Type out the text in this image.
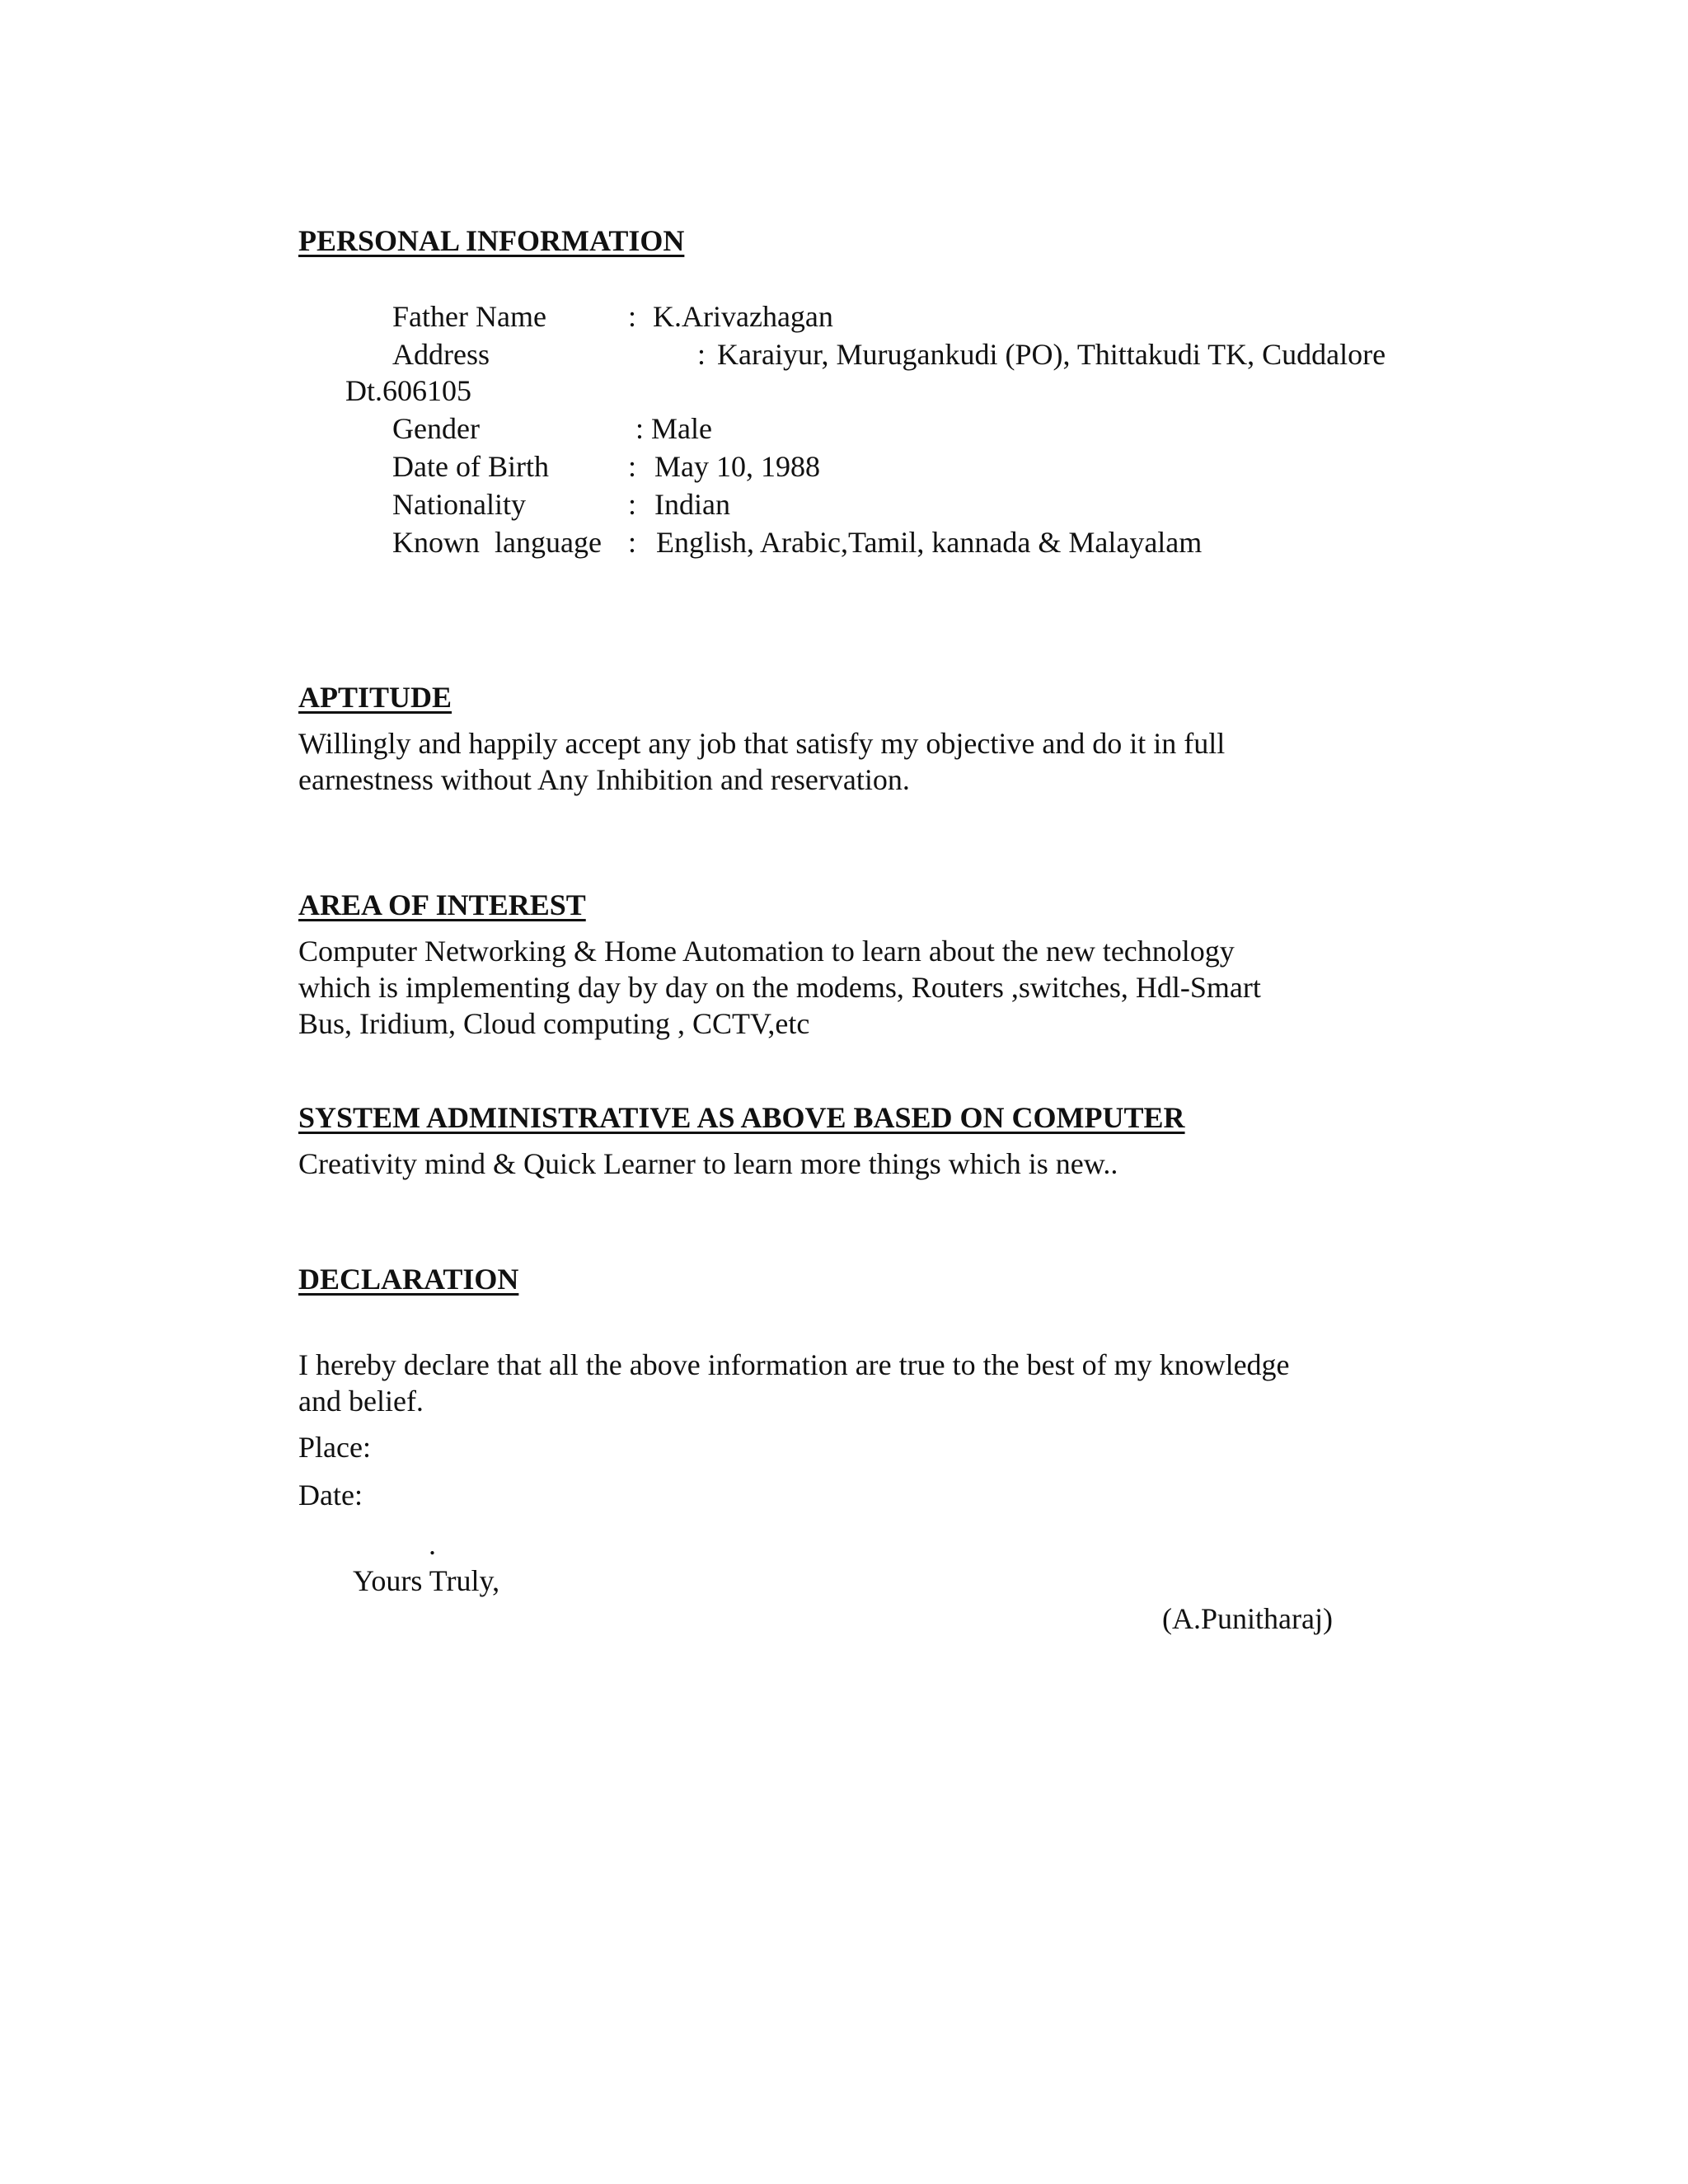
PERSONAL INFORMATION
Father Name	: K.Arivazhagan
Address	: Karaiyur, Murugankudi (PO), Thittakudi TK, Cuddalore
Dt.606105
Gender	: Male
Date of Birth	: May 10, 1988
Nationality	: Indian
Known  language : English, Arabic,Tamil, kannada & Malayalam
APTITUDE
Willingly and happily accept any job that satisfy my objective and do it in full
earnestness without Any Inhibition and reservation.
AREA OF INTEREST
Computer Networking & Home Automation to learn about the new technology
which is implementing day by day on the modems, Routers ,switches, Hdl-Smart
Bus, Iridium, Cloud computing , CCTV,etc
SYSTEM ADMINISTRATIVE AS ABOVE BASED ON COMPUTER
Creativity mind & Quick Learner to learn more things which is new..
DECLARATION
I hereby declare that all the above information are true to the best of my knowledge
and belief.
Place:
Date:
.
Yours Truly,
(A.Punitharaj)
